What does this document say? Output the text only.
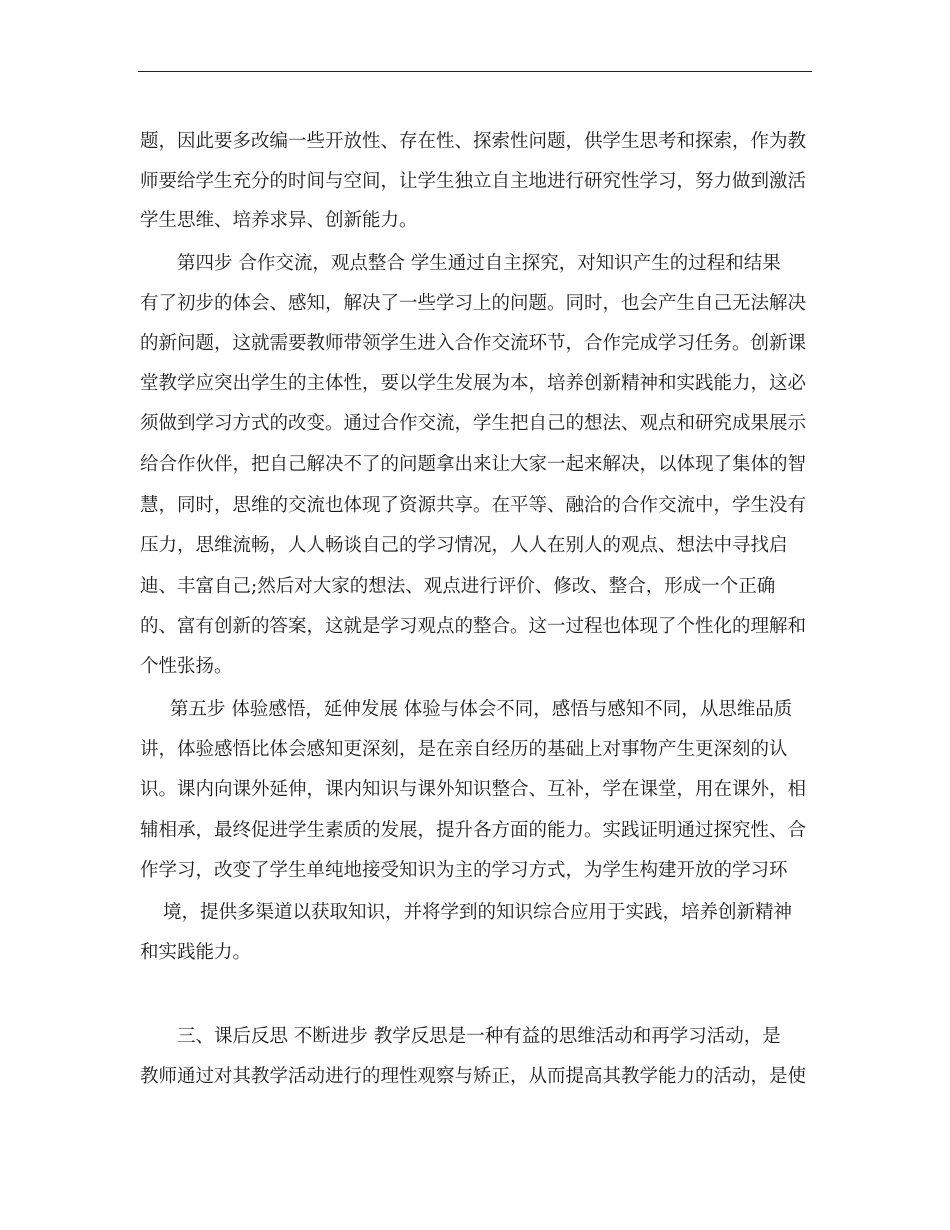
题，因此要多改编一些开放性、存在性、探索性问题，供学生思考和探索，作为教
师要给学生充分的时间与空间，让学生独立自主地进行研究性学习，努力做到激活
学生思维、培养求异、创新能力。
第四步 合作交流，观点整合 学生通过自主探究，对知识产生的过程和结果
有了初步的体会、感知，解决了一些学习上的问题。同时，也会产生自己无法解决
的新问题，这就需要教师带领学生进入合作交流环节，合作完成学习任务。创新课
堂教学应突出学生的主体性，要以学生发展为本，培养创新精神和实践能力，这必
须做到学习方式的改变。通过合作交流，学生把自己的想法、观点和研究成果展示
给合作伙伴，把自己解决不了的问题拿出来让大家一起来解决，以体现了集体的智
慧，同时，思维的交流也体现了资源共享。在平等、融洽的合作交流中，学生没有
压力，思维流畅，人人畅谈自己的学习情况，人人在别人的观点、想法中寻找启
迪、丰富自己;然后对大家的想法、观点进行评价、修改、整合，形成一个正确
的、富有创新的答案，这就是学习观点的整合。这一过程也体现了个性化的理解和
个性张扬。
第五步 体验感悟，延伸发展 体验与体会不同，感悟与感知不同，从思维品质
讲，体验感悟比体会感知更深刻，是在亲自经历的基础上对事物产生更深刻的认
识。课内向课外延伸，课内知识与课外知识整合、互补，学在课堂，用在课外，相
辅相承，最终促进学生素质的发展，提升各方面的能力。实践证明通过探究性、合
作学习，改变了学生单纯地接受知识为主的学习方式，为学生构建开放的学习环
境，提供多渠道以获取知识，并将学到的知识综合应用于实践，培养创新精神
和实践能力。
三、课后反思 不断进步 教学反思是一种有益的思维活动和再学习活动，是
教师通过对其教学活动进行的理性观察与矫正，从而提高其教学能力的活动，是使
